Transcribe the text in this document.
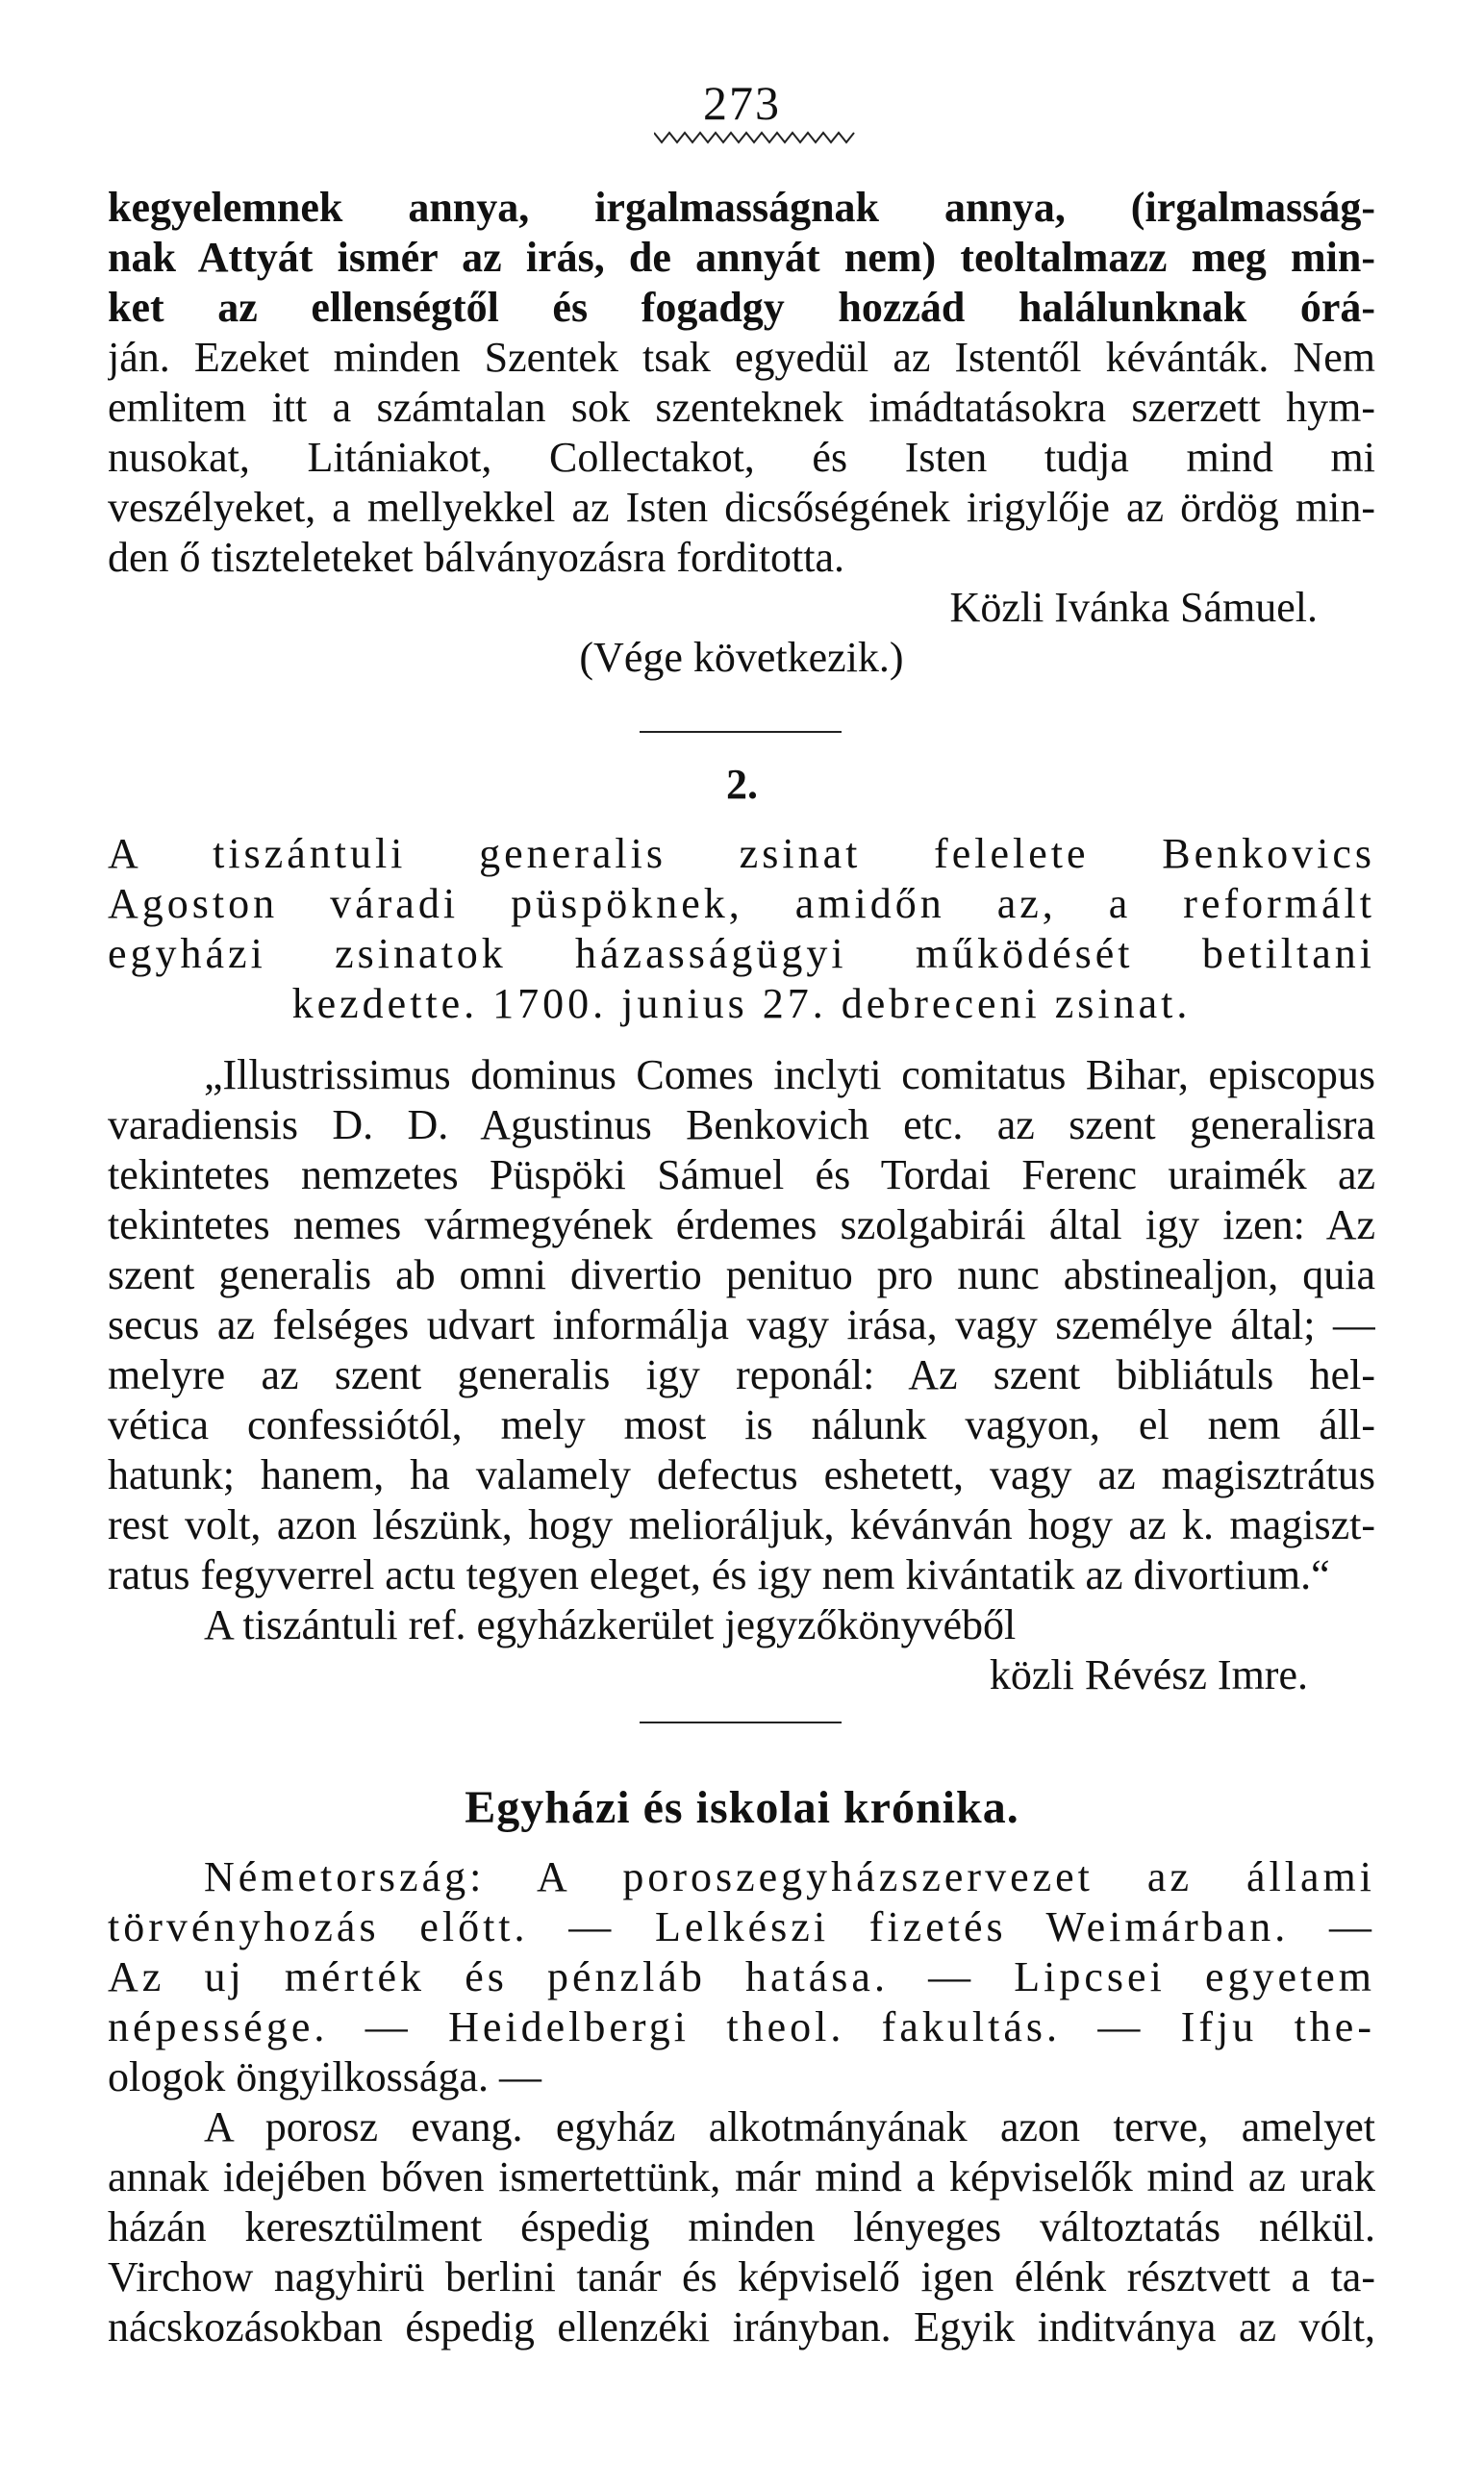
273
kegyelemnek annya, irgalmasságnak annya, (irgalmasság-
nak Attyát ismér az irás, de annyát nem) teoltalmazz meg min-
ket az ellenségtől és fogadgy hozzád halálunknak órá-
ján. Ezeket minden Szentek tsak egyedül az Istentől kévánták. Nem
emlitem itt a számtalan sok szenteknek imádtatásokra szerzett hym-
nusokat, Litániakot, Collectakot, és Isten tudja mind mi
veszélyeket, a mellyekkel az Isten dicsőségének irigylője az ördög min-
den ő tiszteleteket bálványozásra forditotta.
Közli Ivánka Sámuel.
(Vége következik.)
2.
A tiszántuli generalis zsinat felelete Benkovics
Agoston váradi püspöknek, amidőn az, a reformált
egyházi zsinatok házasságügyi működését betiltani
kezdette. 1700. junius 27. debreceni zsinat.
„Illustrissimus dominus Comes inclyti comitatus Bihar, episcopus
varadiensis D. D. Agustinus Benkovich etc. az szent generalisra
tekintetes nemzetes Püspöki Sámuel és Tordai Ferenc uraimék az
tekintetes nemes vármegyének érdemes szolgabirái által igy izen: Az
szent generalis ab omni divertio penituo pro nunc abstinealjon, quia
secus az felséges udvart informálja vagy irása, vagy személye által; —
melyre az szent generalis igy reponál: Az szent bibliátuls hel-
vética confessiótól, mely most is nálunk vagyon, el nem áll-
hatunk; hanem, ha valamely defectus eshetett, vagy az magisztrátus
rest volt, azon lészünk, hogy meliorálјuk, kévánván hogy az k. magiszt-
ratus fegyverrel actu tegyen eleget, és igy nem kivántatik az divortium.“
A tiszántuli ref. egyházkerület jegyzőkönyvéből
közli Révész Imre.
Egyházi és iskolai krónika.
Németország: A poroszegyházszervezet az állami
törvényhozás előtt. — Lelkészi fizetés Weimárban. —
Az uj mérték és pénzláb hatása. — Lipcsei egyetem
népessége. — Heidelbergi theol. fakultás. — Ifju the-
ologok öngyilkossága. —
A porosz evang. egyház alkotmányának azon terve, amelyet
annak idejében bőven ismertettünk, már mind a képviselők mind az urak
házán keresztülment éspedig minden lényeges változtatás nélkül.
Virchow nagyhirü berlini tanár és képviselő igen élénk résztvett a ta-
nácskozásokban éspedig ellenzéki irányban. Egyik inditványa az vólt,
